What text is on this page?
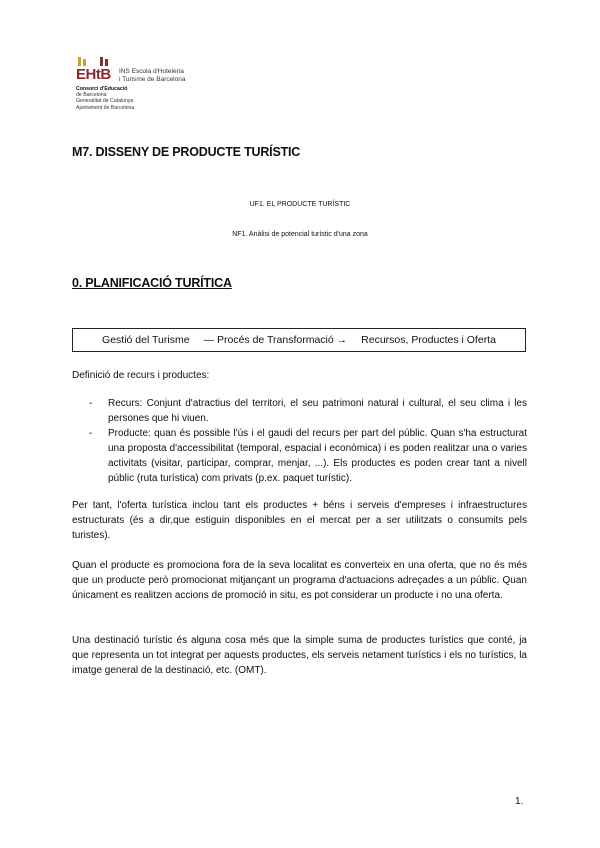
EHtB INS Escola d'Hoteleria
i Turisme de Barcelona
Consorci d'Educació
de Barcelona
Generalitat de Catalunya
Ajuntament de Barcelona
M7. DISSENY DE PRODUCTE TURÍSTIC
UF1. EL PRODUCTE TURÍSTIC
NF1. Anàlisi de potencial turístic d'una zona
0. PLANIFICACIÓ TURÍTICA
Gestió del Turisme — Procés de Transformació → Recursos, Productes i Oferta

Definició de recurs i productes:

- Recurs: Conjunt d'atractius del territori, el seu patrimoni natural i cultural, el seu clima i les persones que hi viuen.
- Producte: quan és possible l'ús i el gaudi del recurs per part del públic. Quan s'ha estructurat una proposta d'accessibilitat (temporal, espacial i econòmica) i es poden realitzar una o varies activitats (visitar, participar, comprar, menjar, ...). Els productes es poden crear tant a nivell públic (ruta turística) com privats (p.ex. paquet turístic).

Per tant, l'oferta turística inclou tant els productes + béns i serveis d'empreses i infraestructures estructurats (és a dir,que estiguin disponibles en el mercat per a ser utilitzats o consumits pels turistes).

Quan el producte es promociona fora de la seva localitat es converteix en una oferta, que no és més que un producte però promocionat mitjançant un programa d'actuacions adreçades a un públic. Quan únicament es realitzen accions de promoció in situ, es pot considerar un producte i no una oferta.

Una destinació turístic és alguna cosa més que la simple suma de productes turístics que conté, ja que representa un tot integrat per aquests productes, els serveis netament turístics i els no turístics, la imatge general de la destinació, etc. (OMT).

1.
